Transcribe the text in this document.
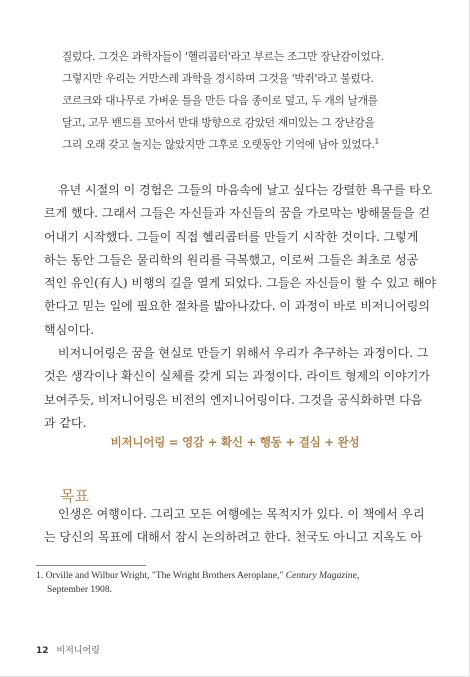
질렀다. 그것은 과학자들이 '헬리콥터'라고 부르는 조그만 장난감이었다.
그렇지만 우리는 거만스레 과학을 경시하며 그것을 '박쥐'라고 불렀다.
코르크와 대나무로 가벼운 틀을 만든 다음 종이로 덮고, 두 개의 날개를
달고, 고무 밴드를 꼬아서 반대 방향으로 감았던 재미있는 그 장난감을
그리 오래 갖고 놀지는 않았지만 그후로 오랫동안 기억에 남아 있었다.$^1$
유년 시절의 이 경험은 그들의 마음속에 날고 싶다는 강렬한 욕구를 타오
르게 했다. 그래서 그들은 자신들과 자신들의 꿈을 가로막는 방해물들을 걷
어내기 시작했다. 그들이 직접 헬리콥터를 만들기 시작한 것이다. 그렇게
하는 동안 그들은 물리학의 원리를 극복했고, 이로써 그들은 최초로 성공
적인 유인(有人) 비행의 길을 열게 되었다. 그들은 자신들이 할 수 있고 해야
한다고 믿는 일에 필요한 절차를 밟아나갔다. 이 과정이 바로 비저니어링의
핵심이다.
비저니어링은 꿈을 현실로 만들기 위해서 우리가 추구하는 과정이다. 그
것은 생각이나 확신이 실체를 갖게 되는 과정이다. 라이트 형제의 이야기가
보여주듯, 비저니어링은 비전의 엔지니어링이다. 그것을 공식화하면 다음
과 같다.
비저니어링 = 영감 + 확신 + 행동 + 결심 + 완성
목표
인생은 여행이다. 그리고 모든 여행에는 목적지가 있다. 이 책에서 우리
는 당신의 목표에 대해서 잠시 논의하려고 한다. 천국도 아니고 지옥도 아
1. Orville and Wilbur Wright, "The Wright Brothers Aeroplane," Century Magazine,
September 1908.
12 비저니어링
